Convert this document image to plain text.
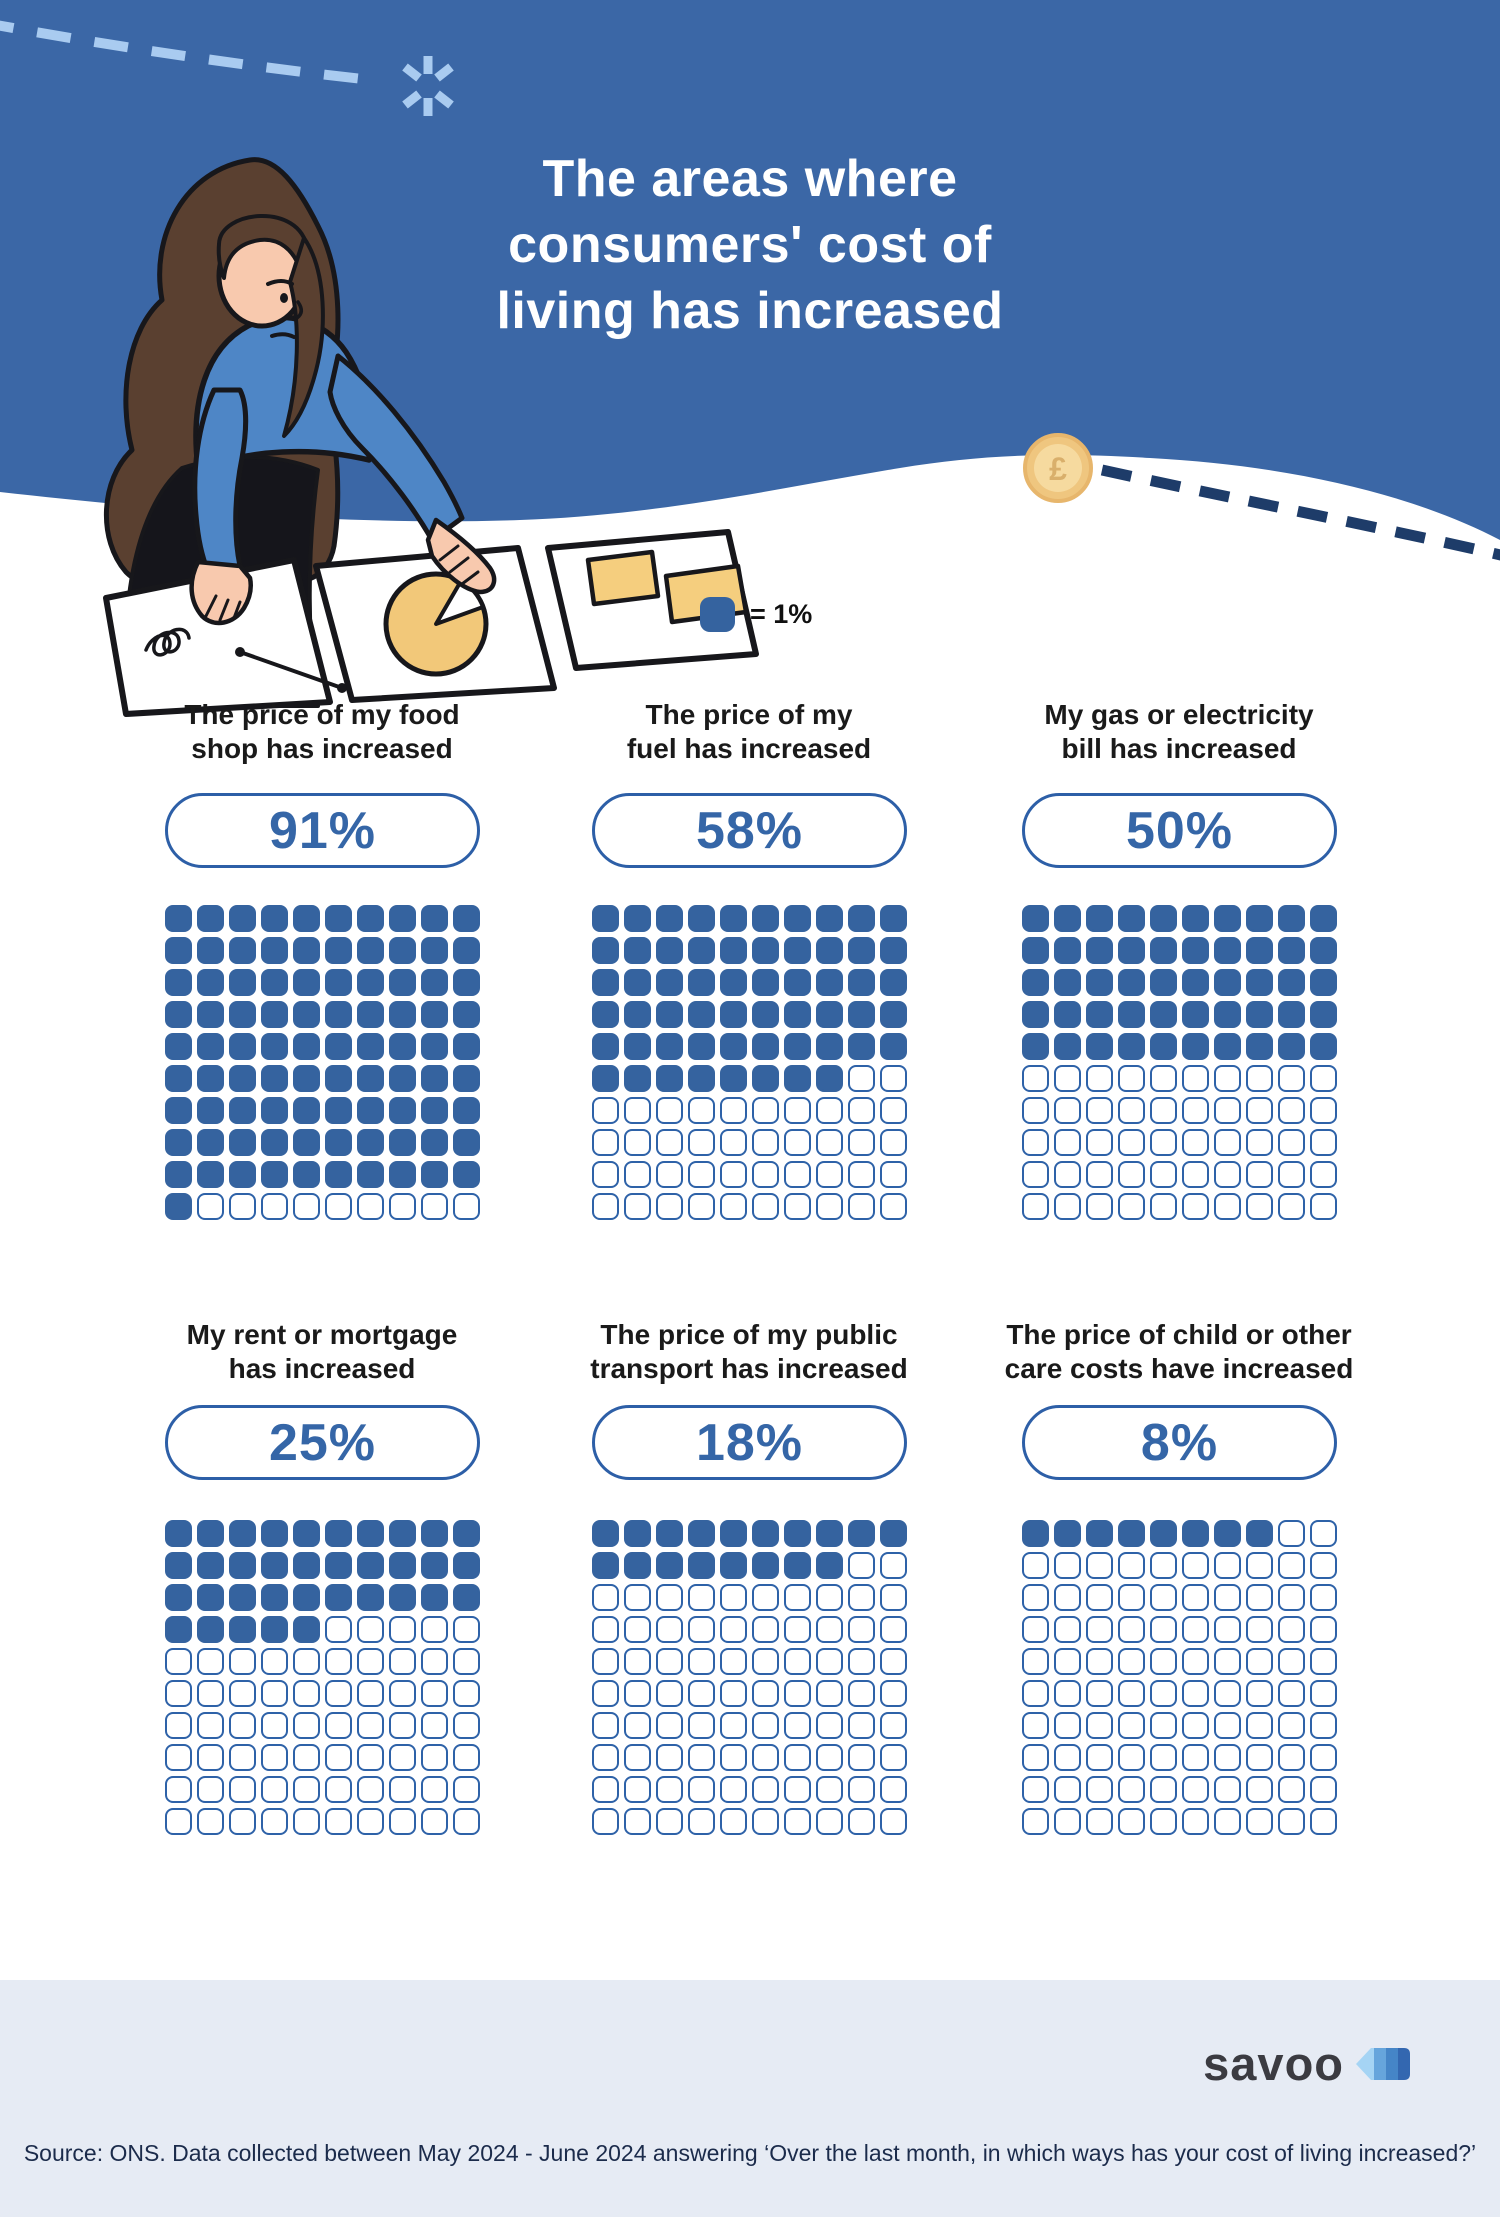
£
The areas where
consumers' cost of
living has increased
= 1%
The price of my food
shop has increased
The price of my
fuel has increased
My gas or electricity
bill has increased
91%	58%	50%
My rent or mortgage
has increased
The price of my public
transport has increased
The price of child or other
care costs have increased
25%	18%	8%
savoo
Source: ONS. Data collected between May 2024 - June 2024 answering ‘Over the last month, in which ways has your cost of living increased?’
